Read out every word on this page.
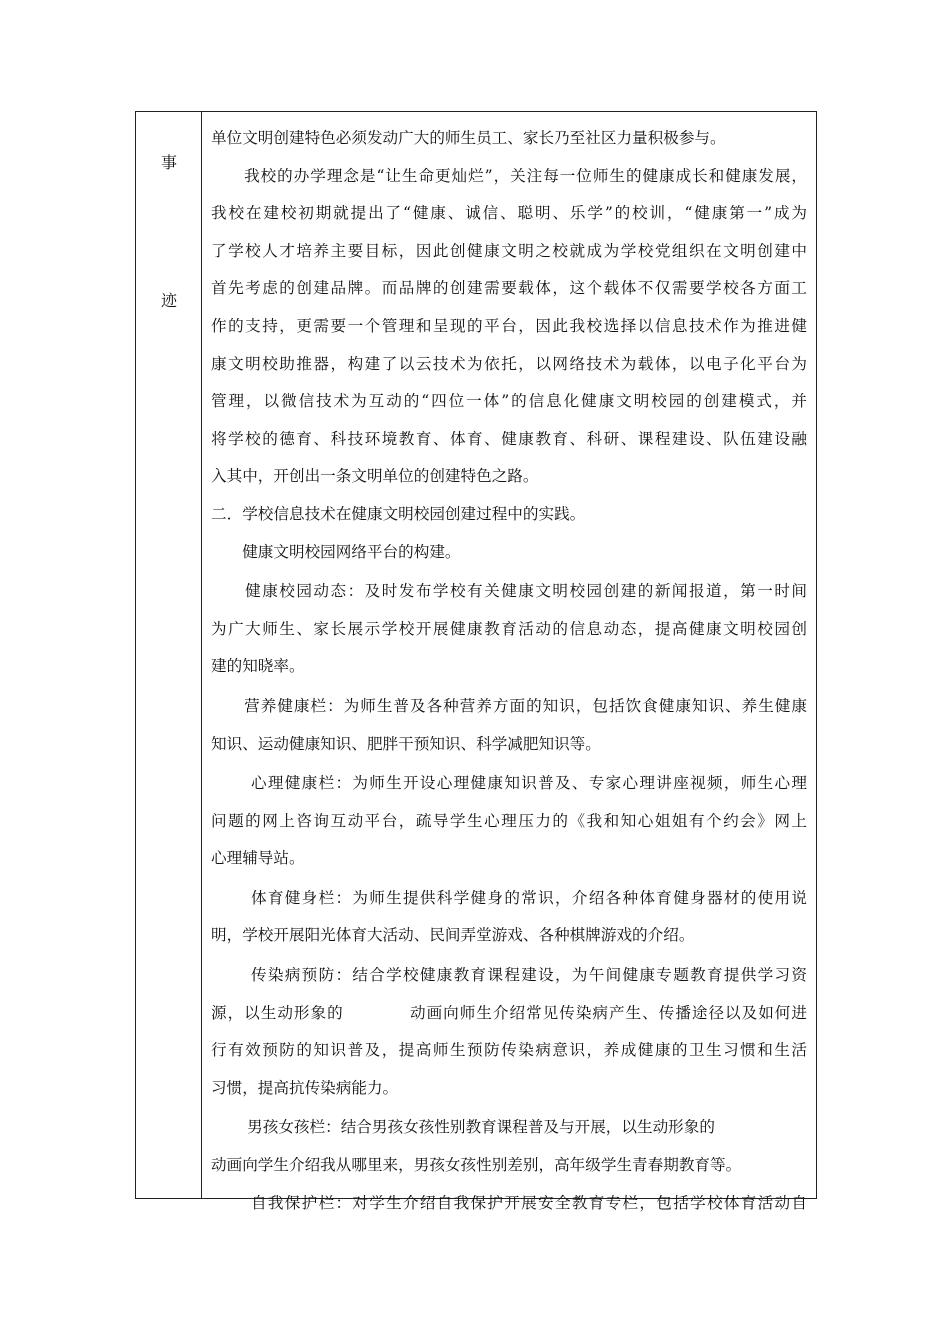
事
迹
单位文明创建特色必须发动广大的师生员工、家长乃至社区力量积极参与。
　　我校的办学理念是“让生命更灿烂”，关注每一位师生的健康成长和健康发展，
我校在建校初期就提出了“健康、诚信、聪明、乐学”的校训，“健康第一”成为
了学校人才培养主要目标，因此创健康文明之校就成为学校党组织在文明创建中
首先考虑的创建品牌。而品牌的创建需要载体，这个载体不仅需要学校各方面工
作的支持，更需要一个管理和呈现的平台，因此我校选择以信息技术作为推进健
康文明校助推器，构建了以云技术为依托，以网络技术为载体，以电子化平台为
管理，以微信技术为互动的“四位一体”的信息化健康文明校园的创建模式，并
将学校的德育、科技环境教育、体育、健康教育、科研、课程建设、队伍建设融
入其中，开创出一条文明单位的创建特色之路。
二．学校信息技术在健康文明校园创建过程中的实践。
　　健康文明校园网络平台的构建。
　　健康校园动态：及时发布学校有关健康文明校园创建的新闻报道，第一时间
为广大师生、家长展示学校开展健康教育活动的信息动态，提高健康文明校园创
建的知晓率。
　　营养健康栏：为师生普及各种营养方面的知识，包括饮食健康知识、养生健康
知识、运动健康知识、肥胖干预知识、科学减肥知识等。
　　 心理健康栏：为师生开设心理健康知识普及、专家心理讲座视频，师生心理
问题的网上咨询互动平台，疏导学生心理压力的《我和知心姐姐有个约会》网上
心理辅导站。
　　 体育健身栏：为师生提供科学健身的常识，介绍各种体育健身器材的使用说
明，学校开展阳光体育大活动、民间弄堂游戏、各种棋牌游戏的介绍。
　　 传染病预防：结合学校健康教育课程建设，为午间健康专题教育提供学习资
源，以生动形象的　　　　动画向师生介绍常见传染病产生、传播途径以及如何进
行有效预防的知识普及，提高师生预防传染病意识，养成健康的卫生习惯和生活
习惯，提高抗传染病能力。
　　 男孩女孩栏：结合男孩女孩性别教育课程普及与开展，以生动形象的
动画向学生介绍我从哪里来，男孩女孩性别差别，高年级学生青春期教育等。
　　 自我保护栏：对学生介绍自我保护开展安全教育专栏，包括学校体育活动自
